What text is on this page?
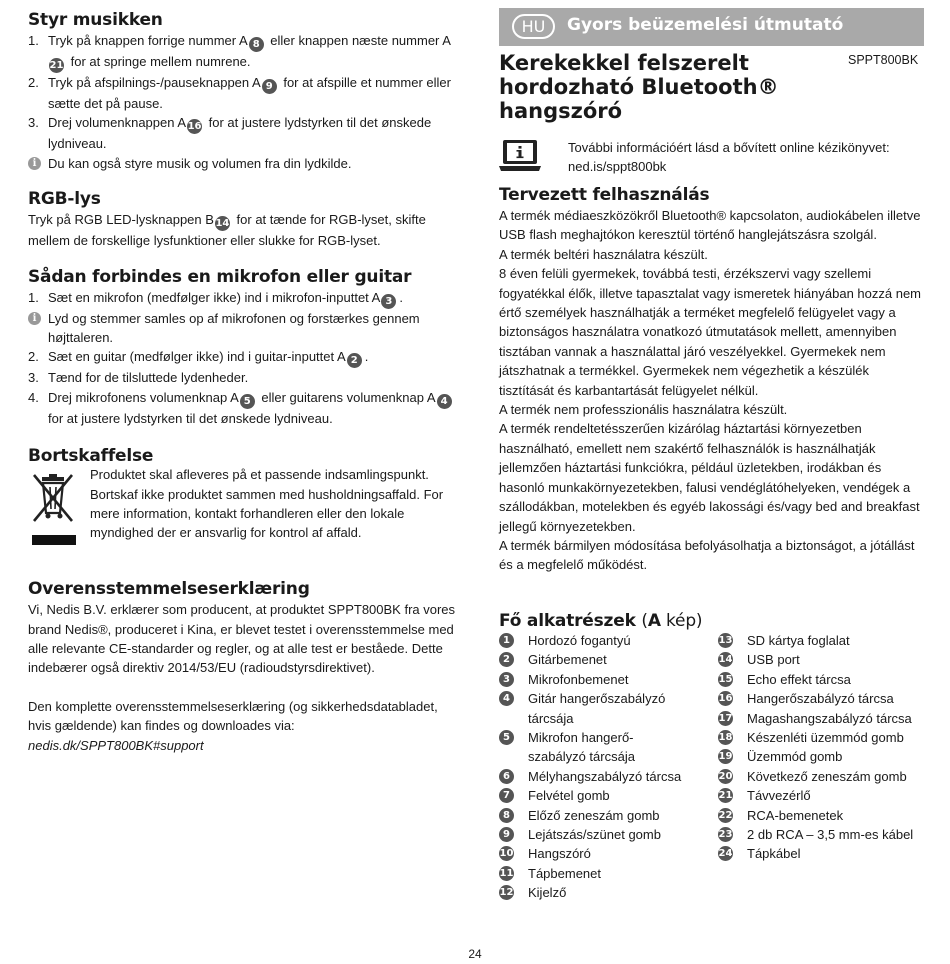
Styr musikken
1. Tryk på knappen forrige nummer A 8 eller knappen næste nummer A21 for at springe mellem numrene.
2. Tryk på afspilnings-/pauseknappen A 9 for at afspille et nummer eller sætte det på pause.
3. Drej volumenknappen A 16 for at justere lydstyrken til det ønskede lydniveau.
i Du kan også styre musik og volumen fra din lydkilde.
RGB-lys

Tryk på RGB LED-lysknappen B 14 for at tænde for RGB-lyset, skifte mellem de forskellige lysfunktioner eller slukke for RGB-lyset.

Sådan forbindes en mikrofon eller guitar
1. Sæt en mikrofon (medfølger ikke) ind i mikrofon-inputtet A 3 .
i Lyd og stemmer samles op af mikrofonen og forstærkes gennem højttaleren.
2. Sæt en guitar (medfølger ikke) ind i guitar-inputtet A 2 .
3. Tænd for de tilsluttede lydenheder.
4. Drej mikrofonens volumenknap A 5 eller guitarens volumenknap A 4 for at justere lydstyrken til det ønskede lydniveau.
Bortskaffelse

Produktet skal afleveres på et passende indsamlingspunkt. Bortskaf ikke produktet sammen med husholdningsaffald. For mere information, kontakt forhandleren eller den lokale myndighed der er ansvarlig for kontrol af affald.

Overensstemmelseserklæring

Vi, Nedis B.V. erklærer som producent, at produktet SPPT800BK fra vores brand Nedis®, produceret i Kina, er blevet testet i overensstemmelse med alle relevante CE-standarder og regler, og at alle test er beståede. Dette indebærer også direktiv 2014/53/EU (radioudstyrsdirektivet).

Den komplette overensstemmelseserklæring (og sikkerhedsdatabladet, hvis gældende) kan findes og downloades via:

nedis.dk/SPPT800BK#support

HU	Gyors beüzemelési útmutató
Kerekekkel felszerelt hordozható Bluetooth® hangszóró
SPPT800BK

További információért lásd a bővített online kézikönyvet: ned.is/sppt800bk

Tervezett felhasználás

A termék médiaeszközökről Bluetooth® kapcsolaton, audiokábelen illetve USB flash meghajtókon keresztül történő hanglejátszásra szolgál.

A termék beltéri használatra készült.

8 éven felüli gyermekek, továbbá testi, érzékszervi vagy szellemi fogyatékkal élők, illetve tapasztalat vagy ismeretek hiányában hozzá nem értő személyek használhatják a terméket megfelelő felügyelet vagy a biztonságos használatra vonatkozó útmutatások mellett, amennyiben tisztában vannak a használattal járó veszélyekkel. Gyermekek nem játszhatnak a termékkel. Gyermekek nem végezhetik a készülék tisztítását és karbantartását felügyelet nélkül.

A termék nem professzionális használatra készült.

A termék rendeltetésszerűen kizárólag háztartási környezetben használható, emellett nem szakértő felhasználók is használhatják jellemzően háztartási funkciókra, például üzletekben, irodákban és hasonló munkakörnyezetekben, falusi vendéglátóhelyeken, vendégek a szállodákban, motelekben és egyéb lakossági és/vagy bed and breakfast jellegű környezetekben.

A termék bármilyen módosítása befolyásolhatja a biztonságot, a jótállást és a megfelelő működést.

Fő alkatrészek (A kép)
1	Hordozó fogantyú
2	Gitárbemenet
3	Mikrofonbemenet
4	Gitár hangerőszabályzó tárcsája
5	Mikrofon hangerő-szabályzó tárcsája
6	Mélyhangszabályzó tárcsa
7	Felvétel gomb
8	Előző zeneszám gomb
9	Lejátszás/szünet gomb
10 Hangszóró
11 Tápbemenet
12 Kijelző
13 SD kártya foglalat
14 USB port
15 Echo effekt tárcsa
16 Hangerőszabályzó tárcsa
17 Magashangszabályzó tárcsa
18 Készenléti üzemmód gomb
19 Üzemmód gomb
20 Következő zeneszám gomb
21 Távvezérlő
22 RCA-bemenetek
23 2 db RCA – 3,5 mm-es kábel
24 Tápkábel
24
